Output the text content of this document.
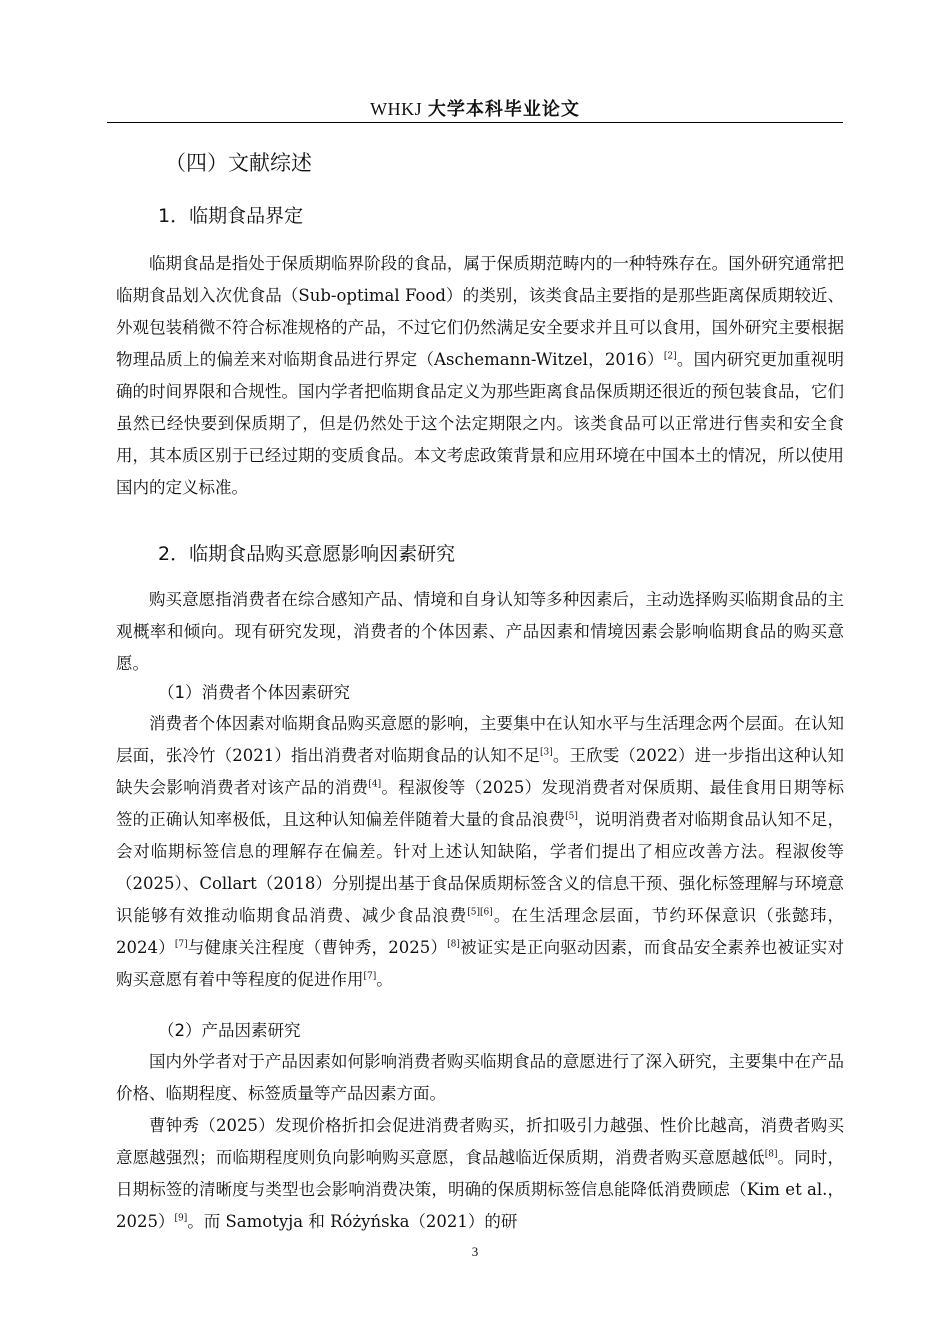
WHKJ 大学本科毕业论文
（四）文献综述
1．临期食品界定

临期食品是指处于保质期临界阶段的食品，属于保质期范畴内的一种特殊存在。国外研究通常把临期食品划入次优食品（Sub-optimal Food）的类别，该类食品主要指的是那些距离保质期较近、外观包装稍微不符合标准规格的产品，不过它们仍然满足安全要求并且可以食用，国外研究主要根据物理品质上的偏差来对临期食品进行界定（Aschemann-Witzel，2016）[2]。国内研究更加重视明确的时间界限和合规性。国内学者把临期食品定义为那些距离食品保质期还很近的预包装食品，它们虽然已经快要到保质期了，但是仍然处于这个法定期限之内。该类食品可以正常进行售卖和安全食用，其本质区别于已经过期的变质食品。本文考虑政策背景和应用环境在中国本土的情况，所以使用国内的定义标准。

2．临期食品购买意愿影响因素研究

购买意愿指消费者在综合感知产品、情境和自身认知等多种因素后，主动选择购买临期食品的主观概率和倾向。现有研究发现，消费者的个体因素、产品因素和情境因素会影响临期食品的购买意愿。

（1）消费者个体因素研究

消费者个体因素对临期食品购买意愿的影响，主要集中在认知水平与生活理念两个层面。在认知层面，张冷竹（2021）指出消费者对临期食品的认知不足[3]。王欣雯（2022）进一步指出这种认知缺失会影响消费者对该产品的消费[4]。程淑俊等（2025）发现消费者对保质期、最佳食用日期等标签的正确认知率极低，且这种认知偏差伴随着大量的食品浪费[5]，说明消费者对临期食品认知不足，会对临期标签信息的理解存在偏差。针对上述认知缺陷，学者们提出了相应改善方法。程淑俊等（2025）、Collart（2018）分别提出基于食品保质期标签含义的信息干预、强化标签理解与环境意识能够有效推动临期食品消费、减少食品浪费[5][6]。在生活理念层面，节约环保意识（张懿玮，2024）[7]与健康关注程度（曹钟秀，2025）[8]被证实是正向驱动因素，而食品安全素养也被证实对购买意愿有着中等程度的促进作用[7]。

（2）产品因素研究

国内外学者对于产品因素如何影响消费者购买临期食品的意愿进行了深入研究，主要集中在产品价格、临期程度、标签质量等产品因素方面。

曹钟秀（2025）发现价格折扣会促进消费者购买，折扣吸引力越强、性价比越高，消费者购买意愿越强烈；而临期程度则负向影响购买意愿，食品越临近保质期，消费者购买意愿越低[8]。同时，日期标签的清晰度与类型也会影响消费决策，明确的保质期标签信息能降低消费顾虑（Kim et al.，2025）[9]。而 Samotyja 和 Różyńska（2021）的研

3
